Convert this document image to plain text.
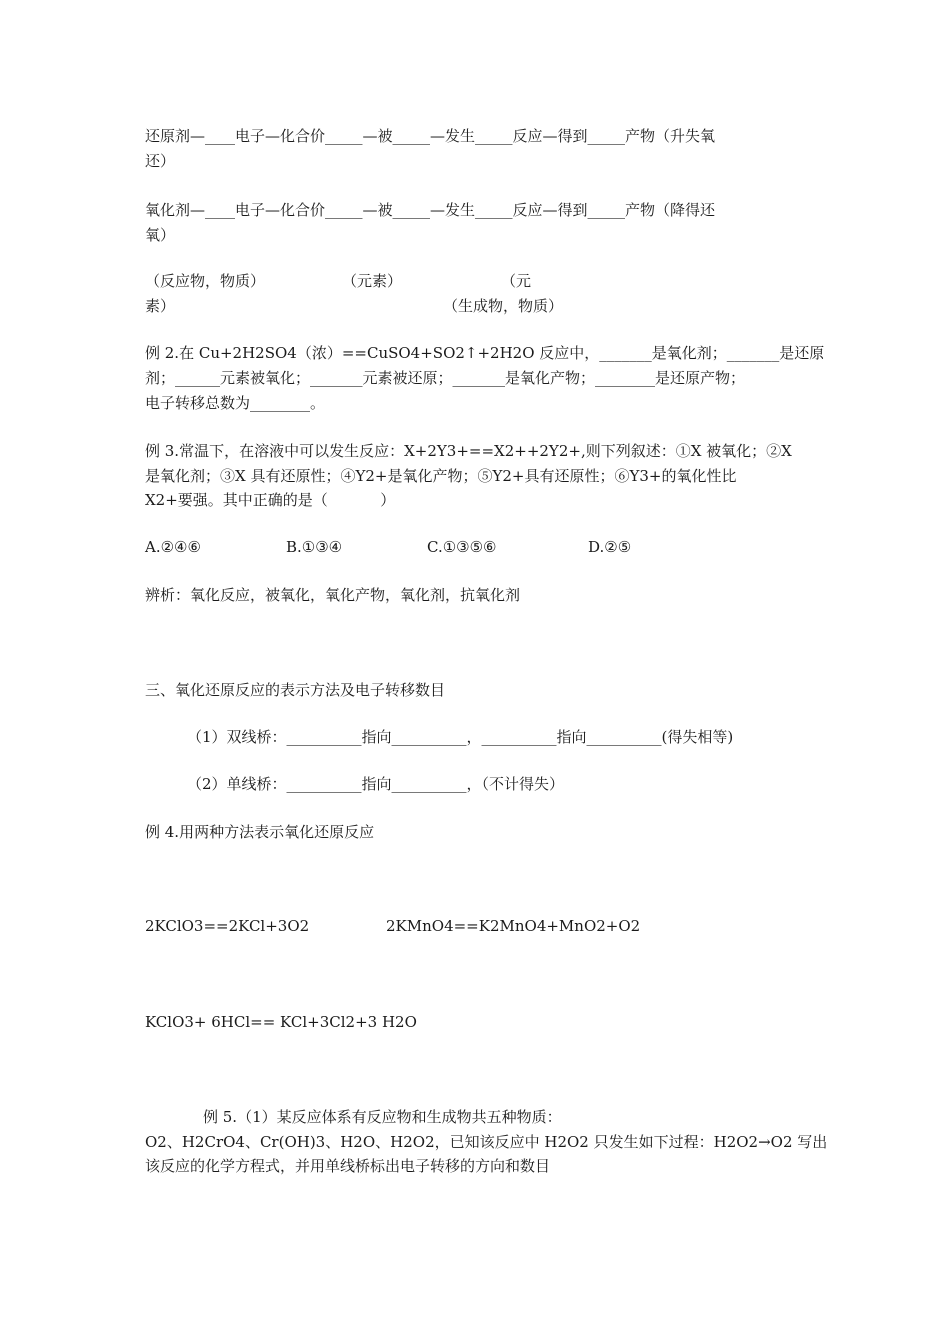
还原剂—____电子—化合价_____—被_____—发生_____反应—得到_____产物（升失氧
还）
氧化剂—____电子—化合价_____—被_____—发生_____反应—得到_____产物（降得还
氧）
（反应物，物质）	（元素）	（元
素）	（生成物，物质）
例 2.在 Cu+2H2SO4（浓）==CuSO4+SO2↑+2H2O 反应中，_______是氧化剂；_______是还原
剂；______元素被氧化；_______元素被还原；_______是氧化产物；________是还原产物；
电子转移总数为________。
例 3.常温下，在溶液中可以发生反应：X+2Y3+==X2++2Y2+,则下列叙述：①X 被氧化；②X
是氧化剂；③X 具有还原性；④Y2+是氧化产物；⑤Y2+具有还原性；⑥Y3+的氧化性比
X2+要强。其中正确的是（           ）
A.②④⑥	B.①③④	C.①③⑤⑥	D.②⑤
辨析：氧化反应，被氧化，氧化产物，氧化剂，抗氧化剂
三、氧化还原反应的表示方法及电子转移数目
（1）双线桥：__________指向__________，__________指向__________(得失相等)
（2）单线桥：__________指向__________，（不计得失）
例 4.用两种方法表示氧化还原反应
2KClO3==2KCl+3O2	2KMnO4==K2MnO4+MnO2+O2
KClO3+ 6HCl== KCl+3Cl2+3 H2O
例 5.（1）某反应体系有反应物和生成物共五种物质：
O2、H2CrO4、Cr(OH)3、H2O、H2O2，已知该反应中 H2O2 只发生如下过程：H2O2→O2 写出
该反应的化学方程式，并用单线桥标出电子转移的方向和数目
